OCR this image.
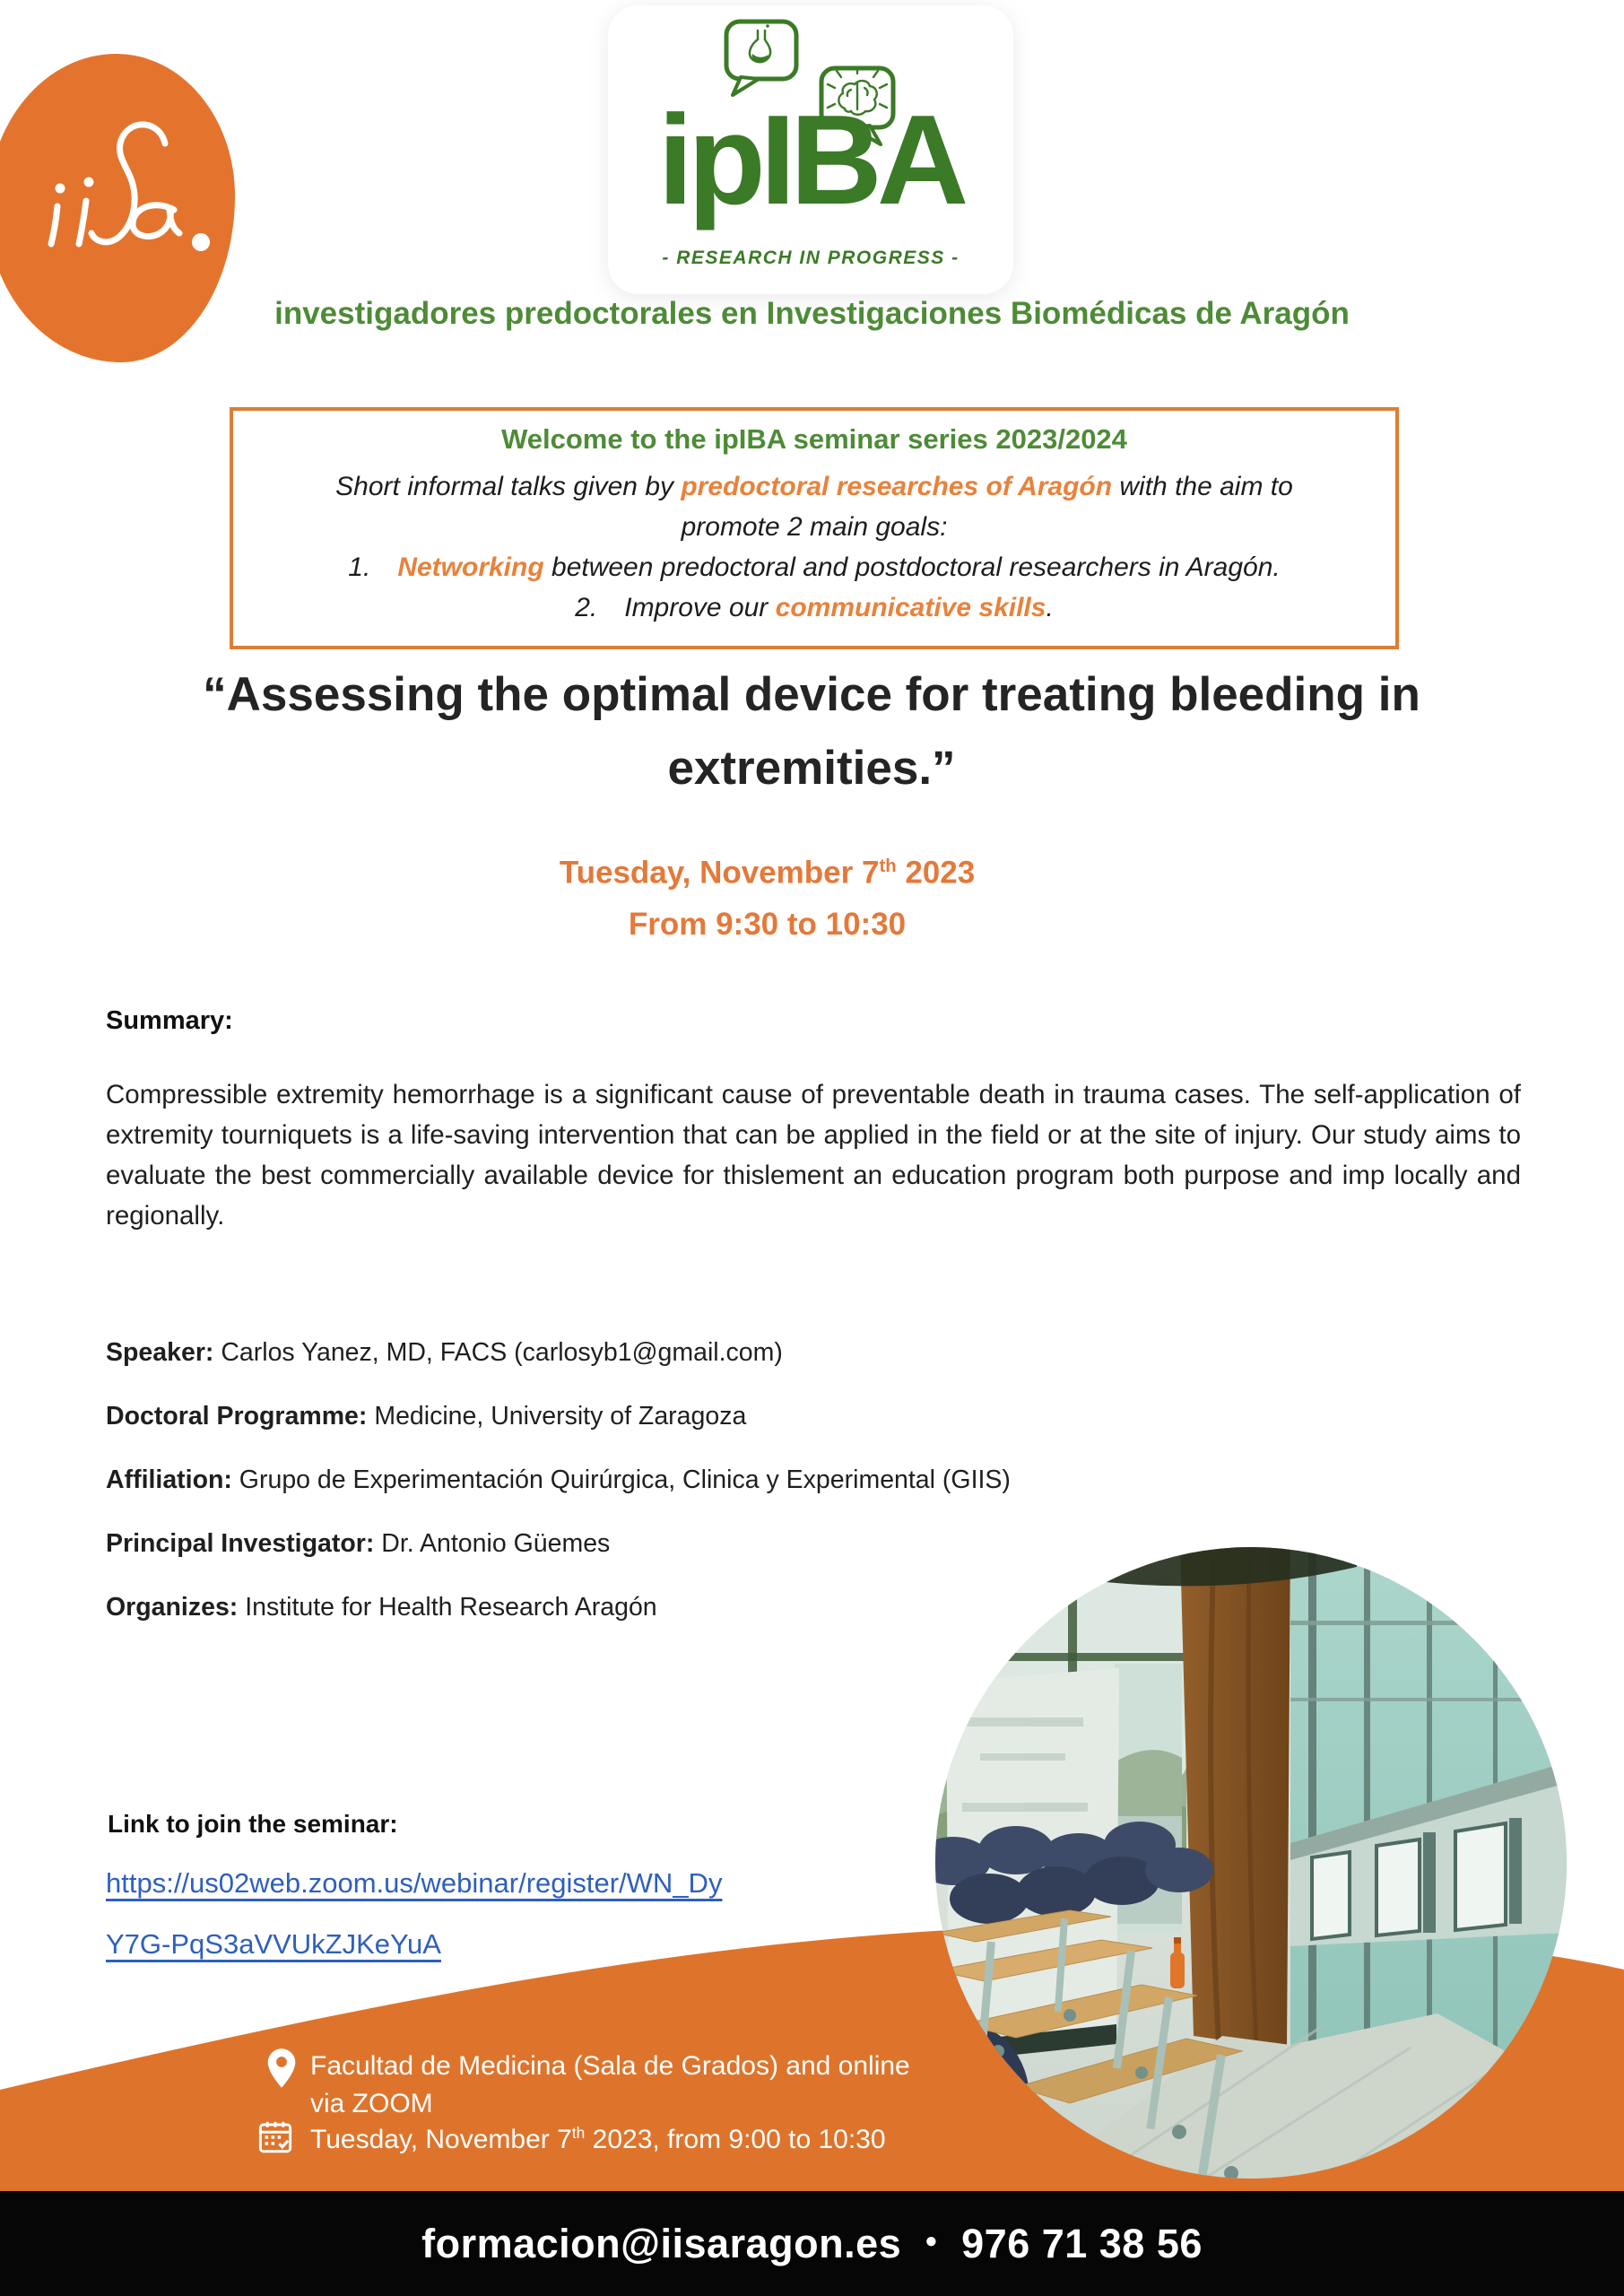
ipIBA
- RESEARCH IN PROGRESS -
investigadores predoctorales en Investigaciones Biomédicas de Aragón
Welcome to the ipIBA seminar series 2023/2024
Short informal talks given by predoctoral researches of Aragón with the aim to
promote 2 main goals:
1. Networking between predoctoral and postdoctoral researchers in Aragón.
2. Improve our communicative skills.
“Assessing the optimal device for treating bleeding in extremities.”
Tuesday, November 7th 2023
From 9:30 to 10:30
Summary:
Compressible extremity hemorrhage is a significant cause of preventable death in trauma cases. The self-application of extremity tourniquets is a life-saving intervention that can be applied in the field or at the site of injury. Our study aims to evaluate the best commercially available device for thislement an education program both purpose and imp locally and regionally.
Speaker: Carlos Yanez, MD, FACS (carlosyb1@gmail.com)
Doctoral Programme: Medicine, University of Zaragoza
Affiliation: Grupo de Experimentación Quirúrgica, Clinica y Experimental (GIIS)
Principal Investigator: Dr. Antonio Güemes
Organizes: Institute for Health Research Aragón
Link to join the seminar:
https://us02web.zoom.us/webinar/register/WN_Dy
Y7G-PqS3aVVUkZJKeYuA
Facultad de Medicina (Sala de Grados) and online
via ZOOM
Tuesday, November 7th 2023, from 9:00 to 10:30
formacion@iisaragon.es ● 976 71 38 56
